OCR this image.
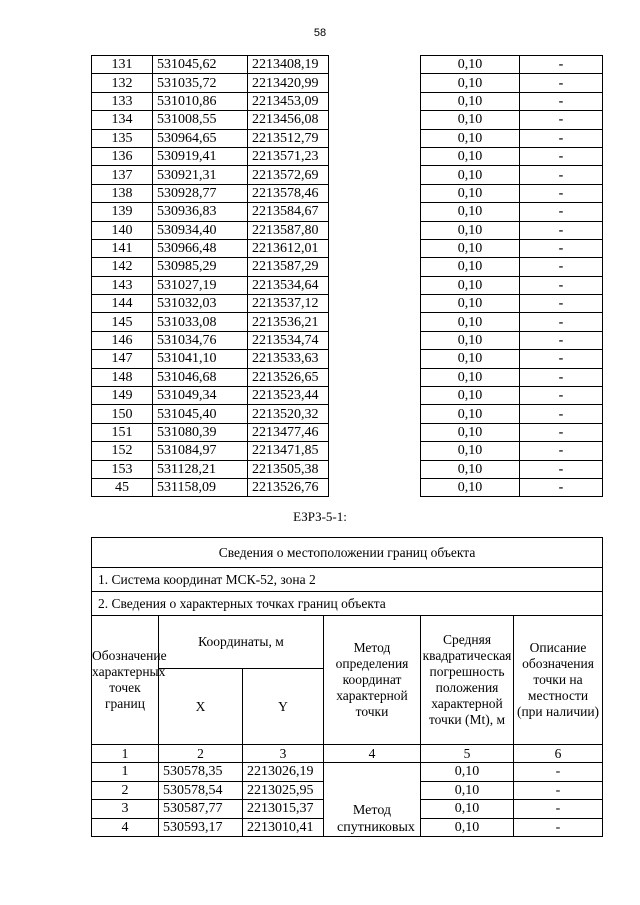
58
131	531045,62	2213408,19		0,10	-
132	531035,72	2213420,99		0,10	-
133	531010,86	2213453,09		0,10	-
134	531008,55	2213456,08		0,10	-
135	530964,65	2213512,79		0,10	-
136	530919,41	2213571,23		0,10	-
137	530921,31	2213572,69		0,10	-
138	530928,77	2213578,46		0,10	-
139	530936,83	2213584,67		0,10	-
140	530934,40	2213587,80		0,10	-
141	530966,48	2213612,01		0,10	-
142	530985,29	2213587,29		0,10	-
143	531027,19	2213534,64		0,10	-
144	531032,03	2213537,12		0,10	-
145	531033,08	2213536,21		0,10	-
146	531034,76	2213534,74		0,10	-
147	531041,10	2213533,63		0,10	-
148	531046,68	2213526,65		0,10	-
149	531049,34	2213523,44		0,10	-
150	531045,40	2213520,32		0,10	-
151	531080,39	2213477,46		0,10	-
152	531084,97	2213471,85		0,10	-
153	531128,21	2213505,38		0,10	-
45	531158,09	2213526,76		0,10	-
ЕЗРЗ-5-1:
Сведения о местоположении границ объекта					
1. Система координат МСК-52, зона 2					
2. Сведения о характерных точках границ объекта					
Обозначение характерных точек границ	Координаты, м		Метод определения координат характерной точки	Средняя квадратическая погрешность положения характерной точки (Mt), м	Описание обозначения точки на местности (при наличии)
	X	Y			
1	2	3	4	5	6
1	530578,35	2213026,19	Метод спутниковых	0,10	-
2	530578,54	2213025,95		0,10	-
3	530587,77	2213015,37		0,10	-
4	530593,17	2213010,41		0,10	-
